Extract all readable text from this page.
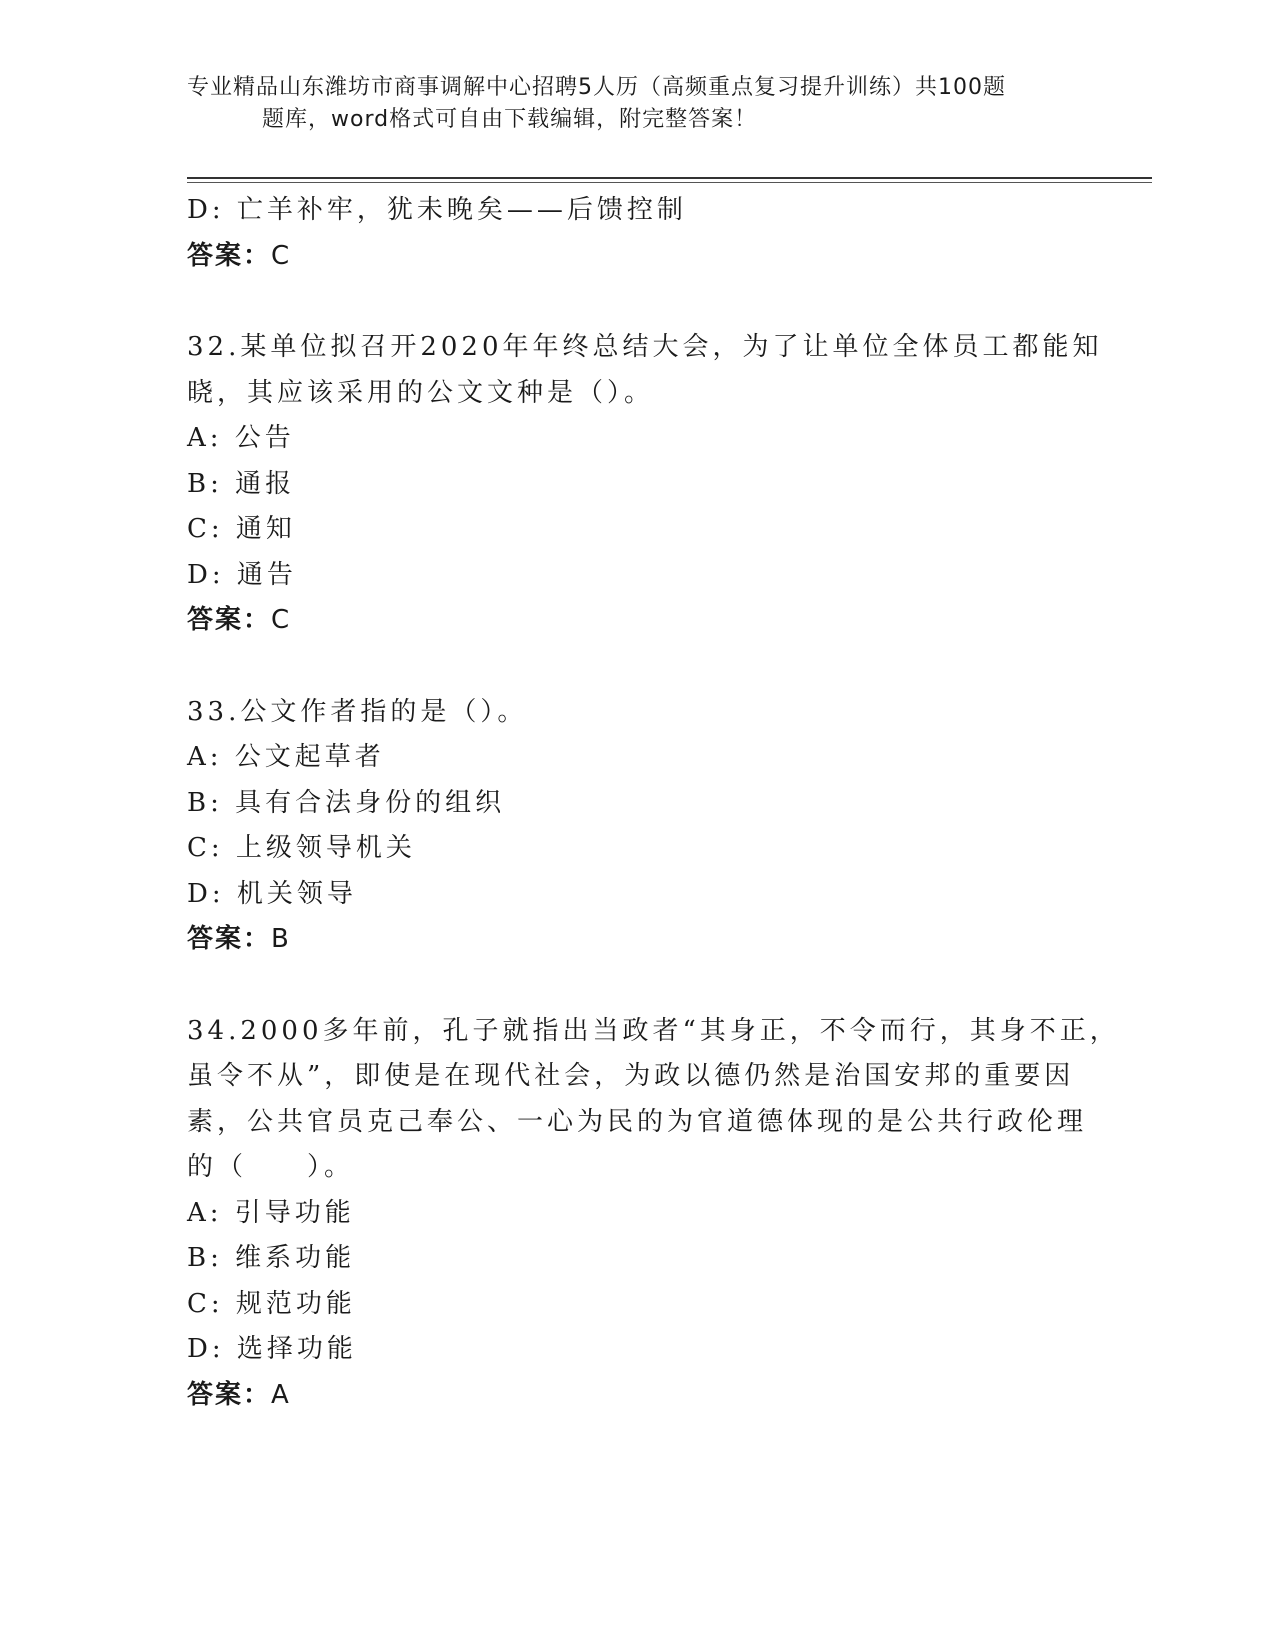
专业精品山东潍坊市商事调解中心招聘5人历（高频重点复习提升训练）共100题
题库，word格式可自由下载编辑，附完整答案！
D: 亡羊补牢，犹未晚矣——后馈控制
答案：C
32.某单位拟召开2020年年终总结大会，为了让单位全体员工都能知
晓，其应该采用的公文文种是（）。
A: 公告
B: 通报
C: 通知
D: 通告
答案：C
33.公文作者指的是（）。
A: 公文起草者
B: 具有合法身份的组织
C: 上级领导机关
D: 机关领导
答案：B
34.2000多年前，孔子就指出当政者“其身正，不令而行，其身不正，
虽令不从”，即使是在现代社会，为政以德仍然是治国安邦的重要因
素，公共官员克己奉公、一心为民的为官道德体现的是公共行政伦理
的（　　）。
A: 引导功能
B: 维系功能
C: 规范功能
D: 选择功能
答案：A
